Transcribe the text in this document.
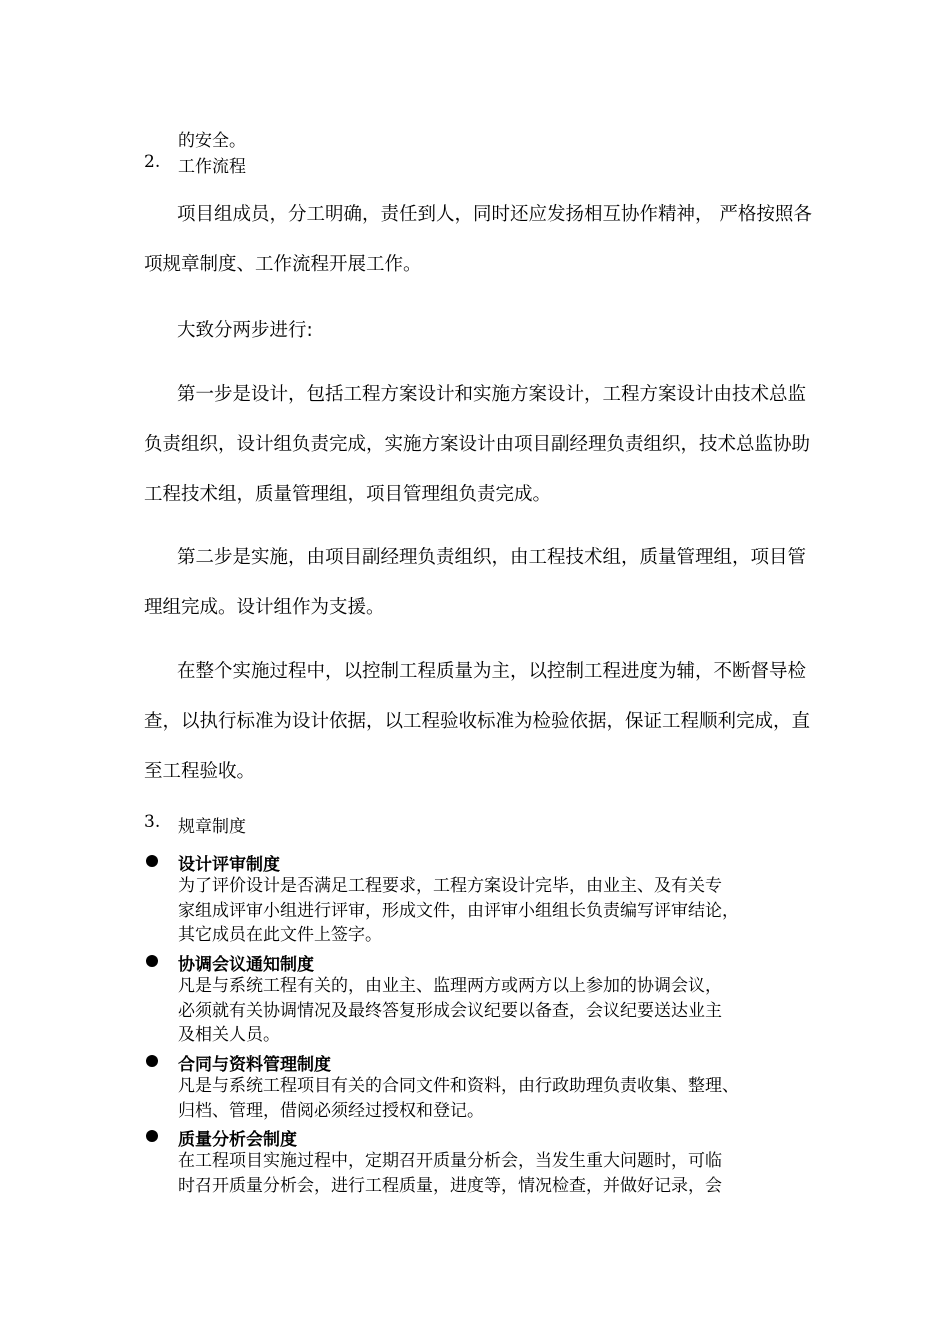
的安全。
2. 工作流程

项目组成员，分工明确，责任到人，同时还应发扬相互协作精神， 严格按照各项规章制度、工作流程开展工作。

大致分两步进行:

第一步是设计，包括工程方案设计和实施方案设计，工程方案设计由技术总监负责组织，设计组负责完成，实施方案设计由项目副经理负责组织，技术总监协助工程技术组，质量管理组，项目管理组负责完成。

第二步是实施，由项目副经理负责组织，由工程技术组，质量管理组，项目管理组完成。设计组作为支援。

在整个实施过程中，以控制工程质量为主，以控制工程进度为辅，不断督导检查，以执行标准为设计依据，以工程验收标准为检验依据，保证工程顺利完成，直至工程验收。

3. 规章制度
设计评审制度
为了评价设计是否满足工程要求，工程方案设计完毕，由业主、及有关专
家组成评审小组进行评审，形成文件，由评审小组组长负责编写评审结论，
其它成员在此文件上签字。
协调会议通知制度
凡是与系统工程有关的，由业主、监理两方或两方以上参加的协调会议，
必须就有关协调情况及最终答复形成会议纪要以备查，会议纪要送达业主
及相关人员。
合同与资料管理制度
凡是与系统工程项目有关的合同文件和资料，由行政助理负责收集、整理、
归档、管理，借阅必须经过授权和登记。
质量分析会制度
在工程项目实施过程中，定期召开质量分析会，当发生重大问题时，可临
时召开质量分析会，进行工程质量，进度等，情况检查，并做好记录，会
